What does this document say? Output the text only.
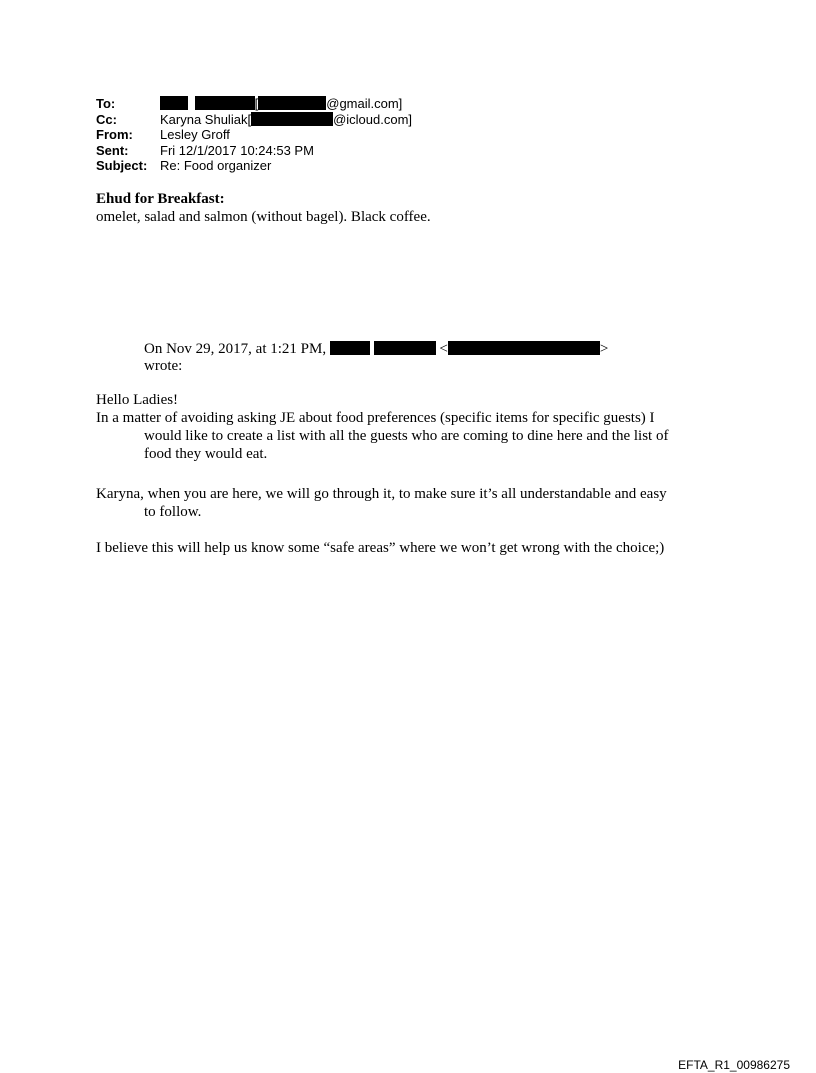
To:	[	@gmail.com]
Cc:	Karyna Shuliak[	@icloud.com]
From:	Lesley Groff
Sent:	Fri 12/1/2017 10:24:53 PM
Subject: Re: Food organizer
Ehud for Breakfast:
omelet, salad and salmon (without bagel). Black coffee.
On Nov 29, 2017, at 1:21 PM,	<	>
wrote:
Hello Ladies!

In a matter of avoiding asking JE about food preferences (specific items for specific guests) I would like to create a list with all the guests who are coming to dine here and the list of food they would eat.

Karyna, when you are here, we will go through it, to make sure it’s all understandable and easy to follow.

I believe this will help us know some “safe areas” where we won’t get wrong with the choice;)

EFTA_R1_00986275
